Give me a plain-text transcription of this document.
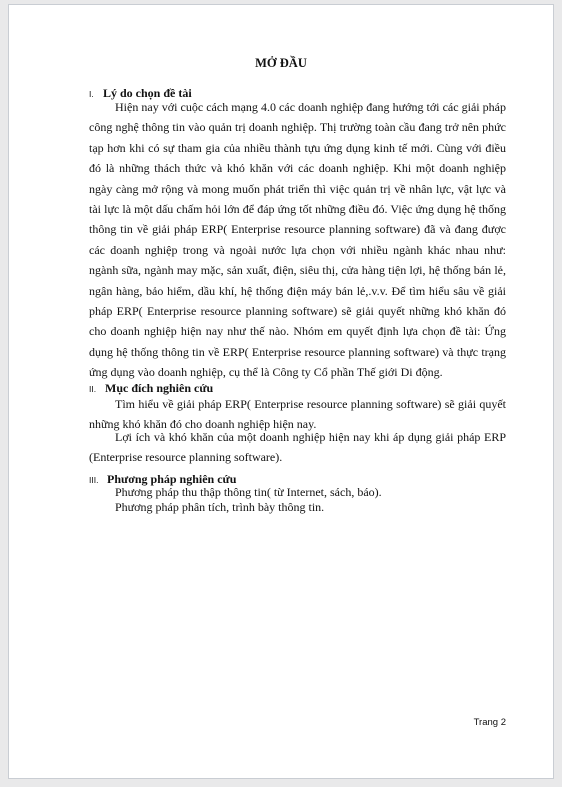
MỞ ĐẦU
I. Lý do chọn đề tài
Hiện nay với cuộc cách mạng 4.0 các doanh nghiệp đang hướng tới các giải pháp công nghệ thông tin vào quản trị doanh nghiệp. Thị trường toàn cầu đang trở nên phức tạp hơn khi có sự tham gia của nhiều thành tựu ứng dụng kinh tế mới. Cùng với điều đó là những thách thức và khó khăn với các doanh nghiệp. Khi một doanh nghiệp ngày càng mở rộng và mong muốn phát triển thì việc quản trị về nhân lực, vật lực và tài lực là một dấu chấm hỏi lớn để đáp ứng tốt những điều đó. Việc ứng dụng hệ thống thông tin về giải pháp ERP( Enterprise resource planning software) đã và đang được các doanh nghiệp trong và ngoài nước lựa chọn với nhiều ngành khác nhau như: ngành sữa, ngành may mặc, sản xuất, điện, siêu thị, cửa hàng tiện lợi, hệ thống bán lẻ, ngân hàng, bảo hiểm, dầu khí, hệ thống điện máy bán lẻ,.v.v. Để tìm hiểu sâu về giải pháp ERP( Enterprise resource planning software) sẽ giải quyết những khó khăn đó cho doanh nghiệp hiện nay như thế nào. Nhóm em quyết định lựa chọn đề tài: Ứng dụng hệ thống thông tin về ERP( Enterprise resource planning software) và thực trạng ứng dụng vào doanh nghiệp, cụ thể là Công ty Cổ phần Thế giới Di động.
II. Mục đích nghiên cứu
Tìm hiểu về giải pháp ERP( Enterprise resource planning software) sẽ giải quyết những khó khăn đó cho doanh nghiệp hiện nay.
Lợi ích và khó khăn của một doanh nghiệp hiện nay khi áp dụng giải pháp ERP (Enterprise resource planning software).
III. Phương pháp nghiên cứu
Phương pháp thu thập thông tin( từ Internet, sách, báo).
Phương pháp phân tích, trình bày thông tin.
Trang 2
